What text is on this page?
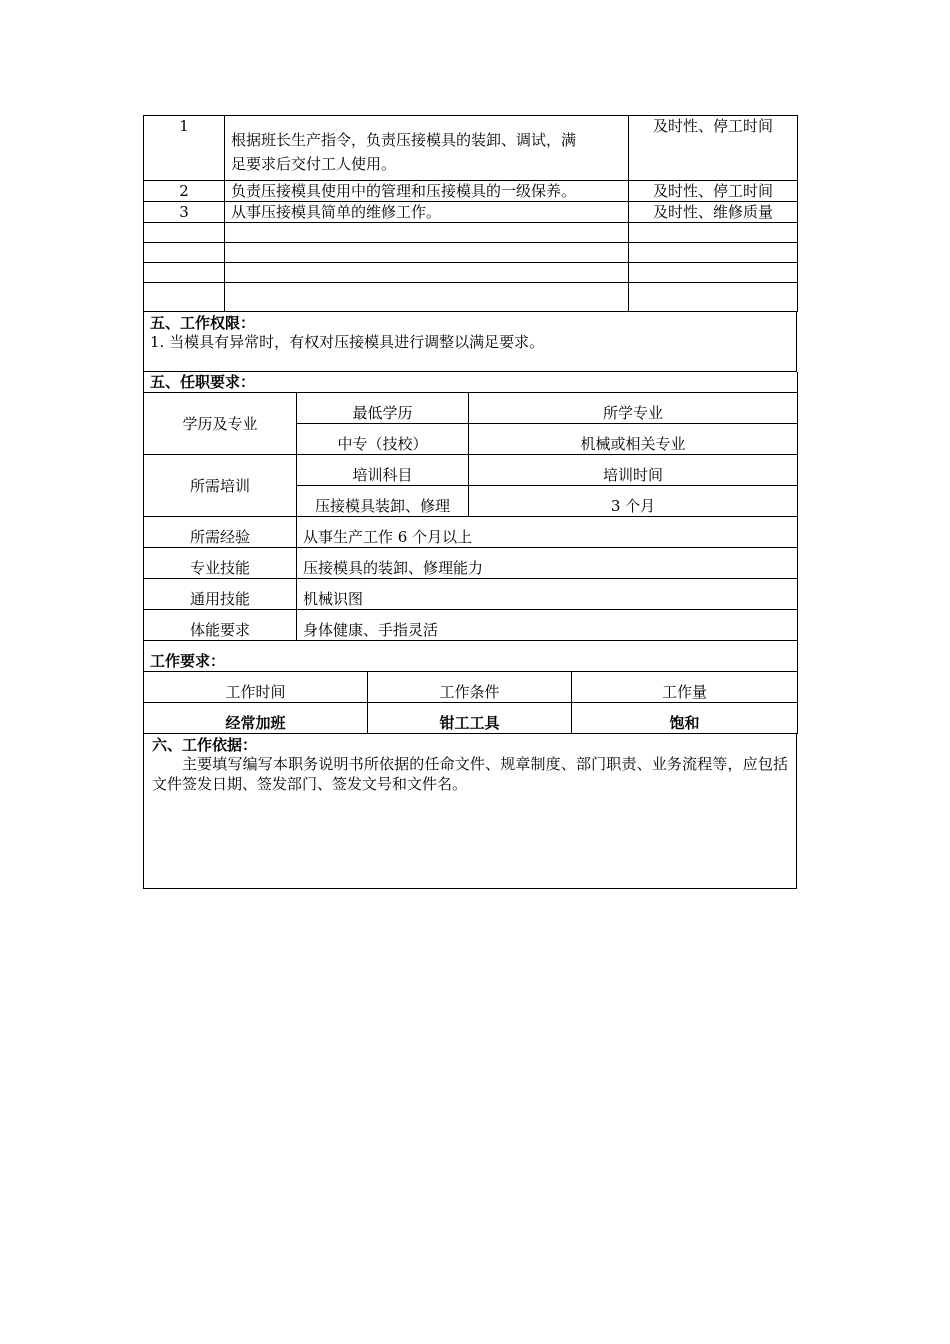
1	根据班长生产指令，负责压接模具的装卸、调试，满
足要求后交付工人使用。	及时性、停工时间
2	负责压接模具使用中的管理和压接模具的一级保养。	及时性、停工时间
3	从事压接模具简单的维修工作。	及时性、维修质量

五、工作权限：
1. 当模具有异常时，有权对压接模具进行调整以满足要求。
五、任职要求：		
学历及专业	最低学历	所学专业
	中专（技校）	机械或相关专业
所需培训	培训科目	培训时间
	压接模具装卸、修理	3 个月
所需经验	从事生产工作 6 个月以上	
专业技能	压接模具的装卸、修理能力	
通用技能	机械识图	
体能要求	身体健康、手指灵活	
工作要求：		
工作时间	工作条件	工作量
经常加班	钳工工具	饱和
六、工作依据：
主要填写编写本职务说明书所依据的任命文件、规章制度、部门职责、业务流程等，应包括文件签发日期、签发部门、签发文号和文件名。
